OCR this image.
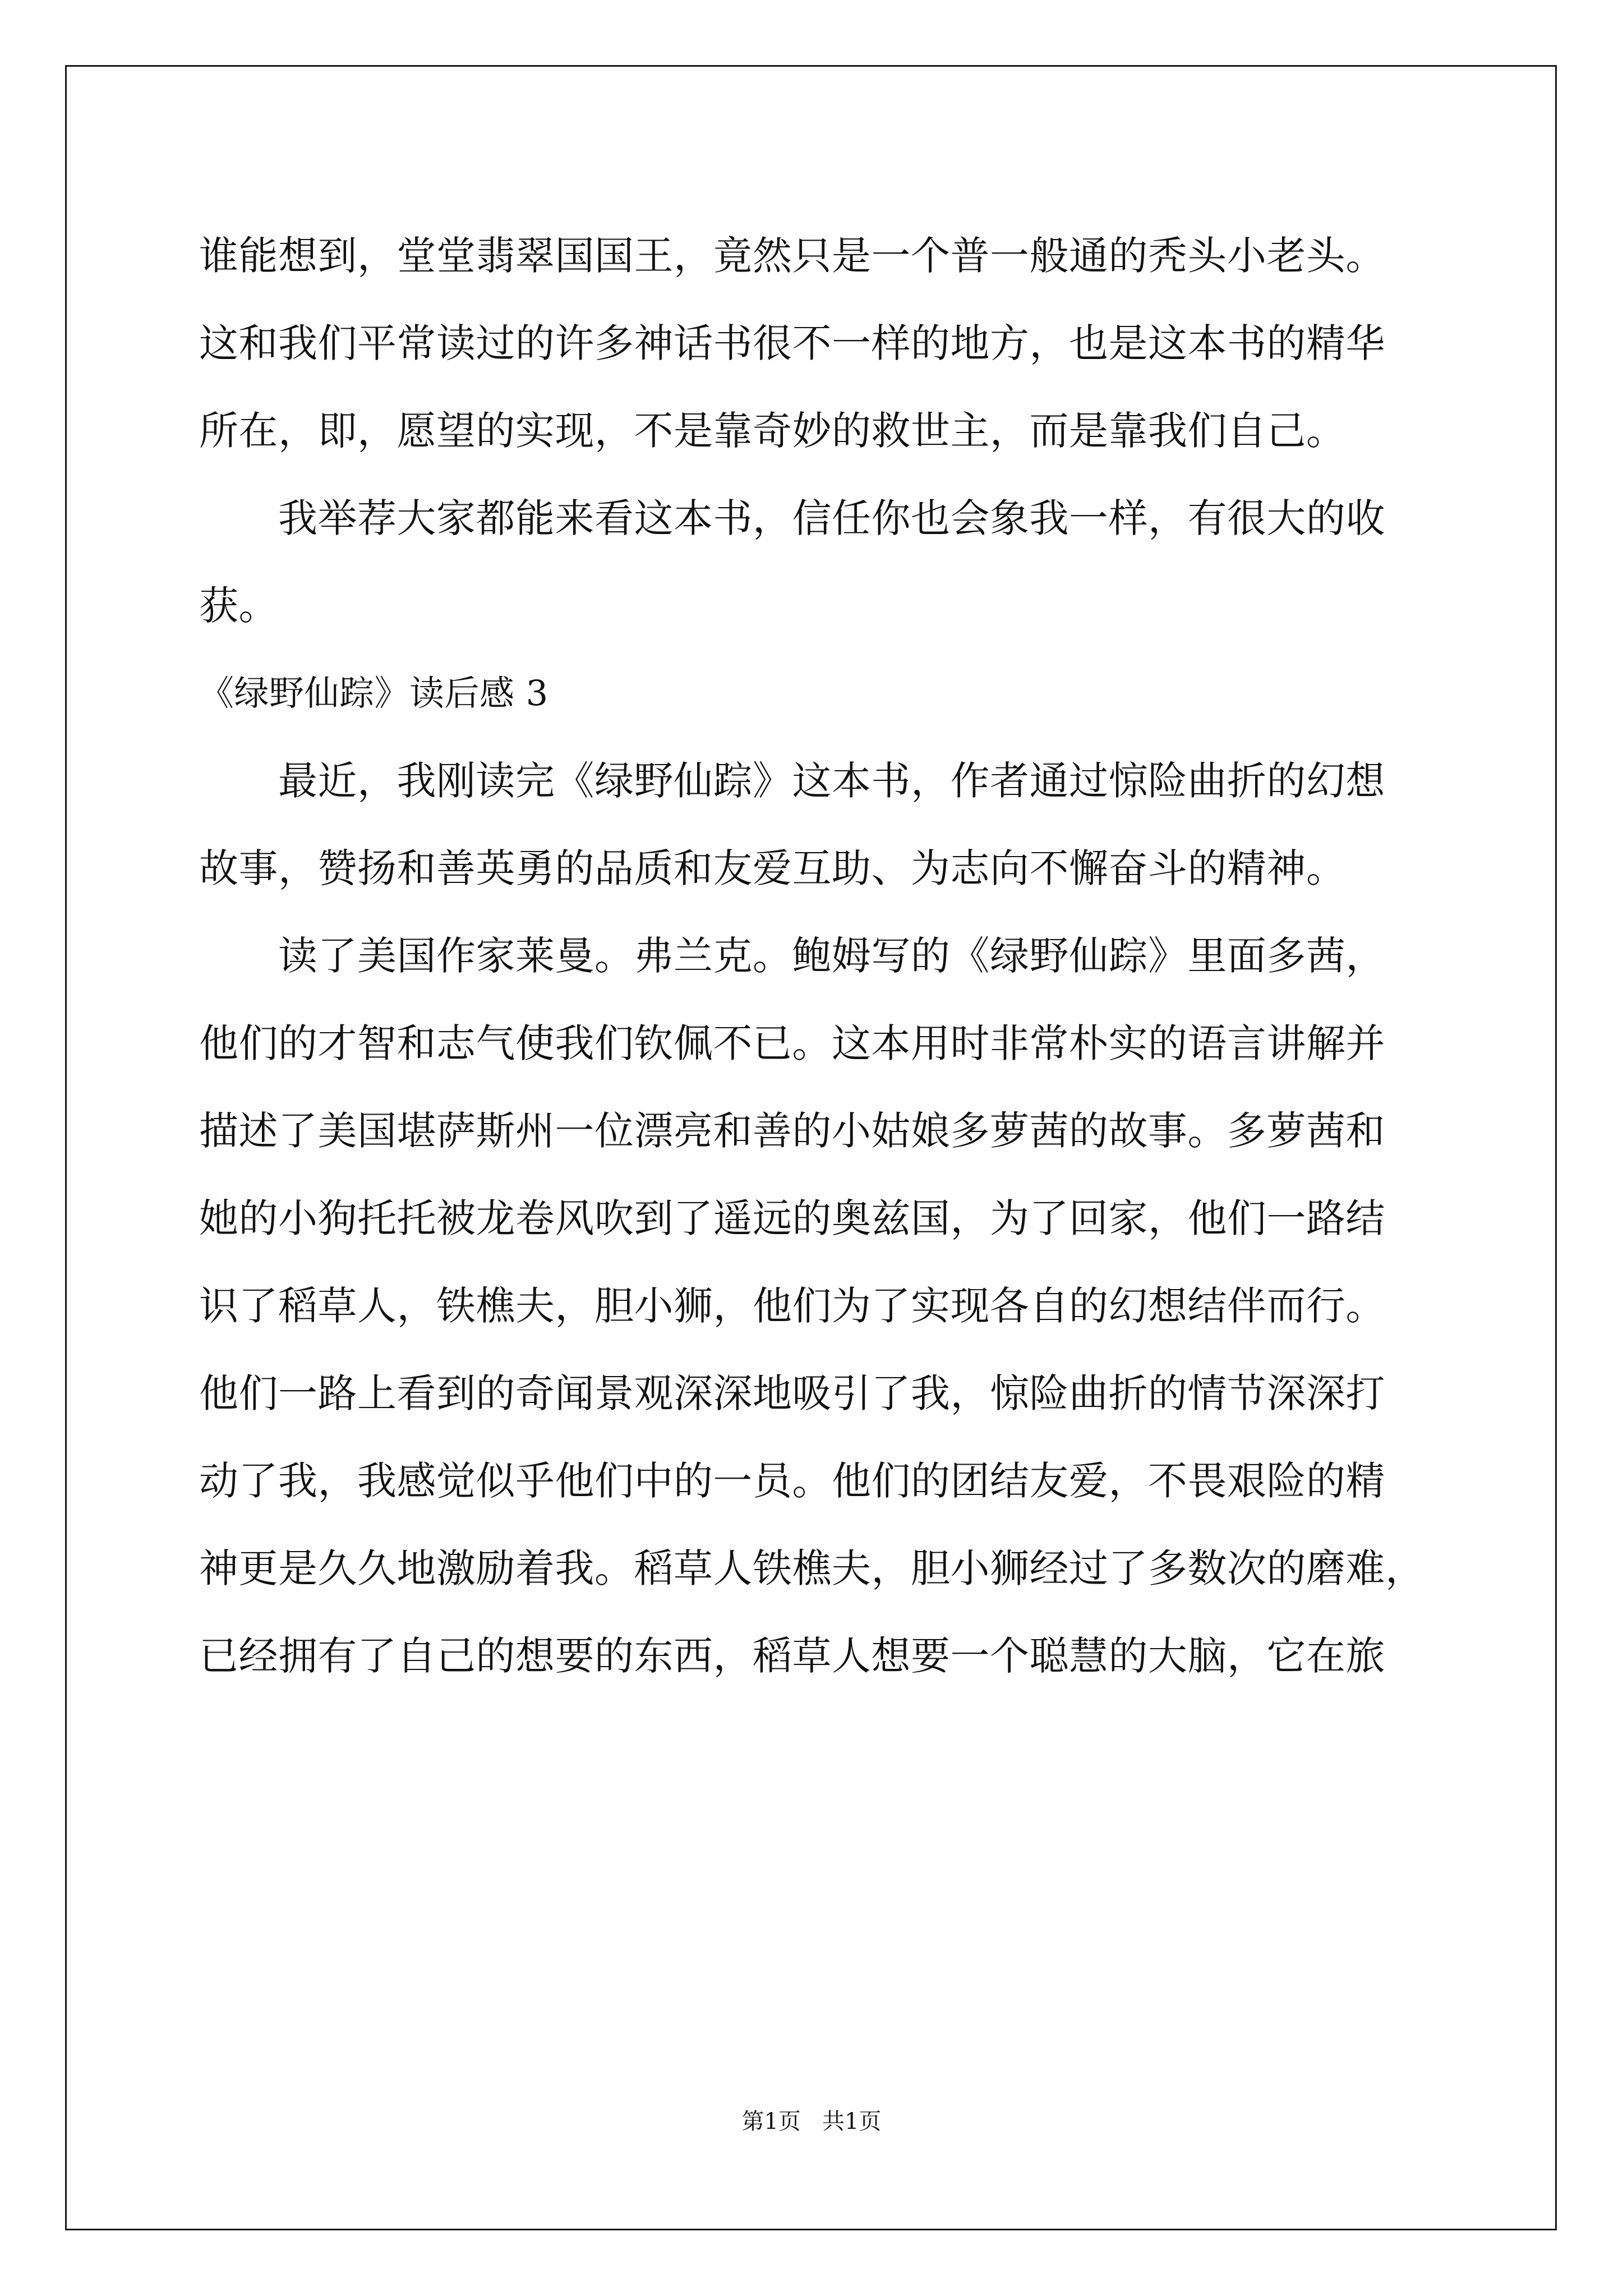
谁能想到，堂堂翡翠国国王，竟然只是一个普一般通的秃头小老头。
这和我们平常读过的许多神话书很不一样的地方，也是这本书的精华
所在，即，愿望的实现，不是靠奇妙的救世主，而是靠我们自己。
　　我举荐大家都能来看这本书，信任你也会象我一样，有很大的收
获。
《绿野仙踪》读后感 3
　　最近，我刚读完《绿野仙踪》这本书，作者通过惊险曲折的幻想
故事，赞扬和善英勇的品质和友爱互助、为志向不懈奋斗的精神。
　　读了美国作家莱曼。弗兰克。鲍姆写的《绿野仙踪》里面多茜，
他们的才智和志气使我们钦佩不已。这本用时非常朴实的语言讲解并
描述了美国堪萨斯州一位漂亮和善的小姑娘多萝茜的故事。多萝茜和
她的小狗托托被龙卷风吹到了遥远的奥兹国，为了回家，他们一路结
识了稻草人，铁樵夫，胆小狮，他们为了实现各自的幻想结伴而行。
他们一路上看到的奇闻景观深深地吸引了我，惊险曲折的情节深深打
动了我，我感觉似乎他们中的一员。他们的团结友爱，不畏艰险的精
神更是久久地激励着我。稻草人铁樵夫，胆小狮经过了多数次的磨难，
已经拥有了自己的想要的东西，稻草人想要一个聪慧的大脑，它在旅
第1页   共1页
